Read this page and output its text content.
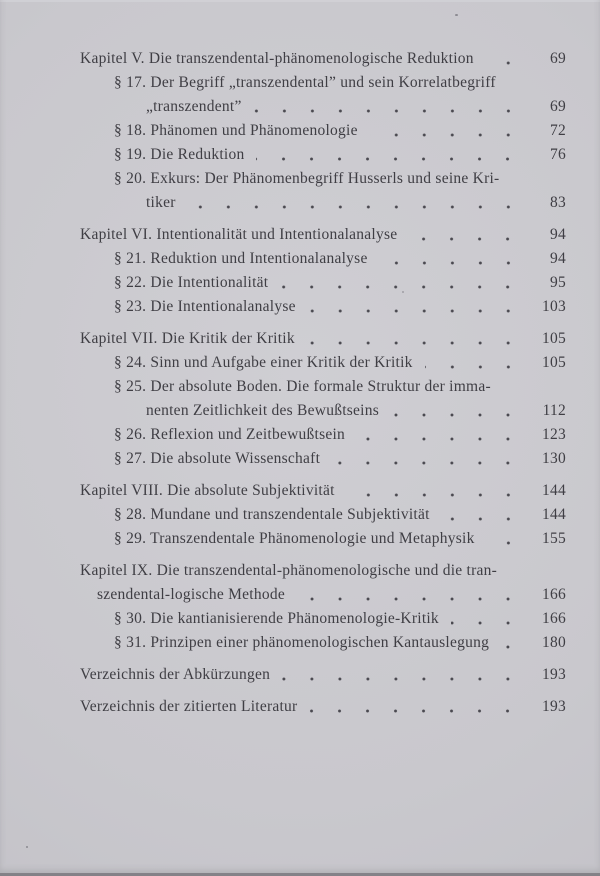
Kapitel V. Die transzendental-phänomenologische Reduktion	69
§ 17. Der Begriff „transzendental” und sein Korrelatbegriff
„transzendent”	69
§ 18. Phänomen und Phänomenologie	72
§ 19. Die Reduktion	76
§ 20. Exkurs: Der Phänomenbegriff Husserls und seine Kri-
tiker	83
Kapitel VI. Intentionalität und Intentionalanalyse	94
§ 21. Reduktion und Intentionalanalyse	94
§ 22. Die Intentionalität	95
§ 23. Die Intentionalanalyse	103
Kapitel VII. Die Kritik der Kritik	105
§ 24. Sinn und Aufgabe einer Kritik der Kritik	105
§ 25. Der absolute Boden. Die formale Struktur der imma-
nenten Zeitlichkeit des Bewußtseins	112
§ 26. Reflexion und Zeitbewußtsein	123
§ 27. Die absolute Wissenschaft	130
Kapitel VIII. Die absolute Subjektivität	144
§ 28. Mundane und transzendentale Subjektivität	144
§ 29. Transzendentale Phänomenologie und Metaphysik	155
Kapitel IX. Die transzendental-phänomenologische und die tran-
szendental-logische Methode	166
§ 30. Die kantianisierende Phänomenologie-Kritik	166
§ 31. Prinzipen einer phänomenologischen Kantauslegung	180
Verzeichnis der Abkürzungen	193
Verzeichnis der zitierten Literatur	193
